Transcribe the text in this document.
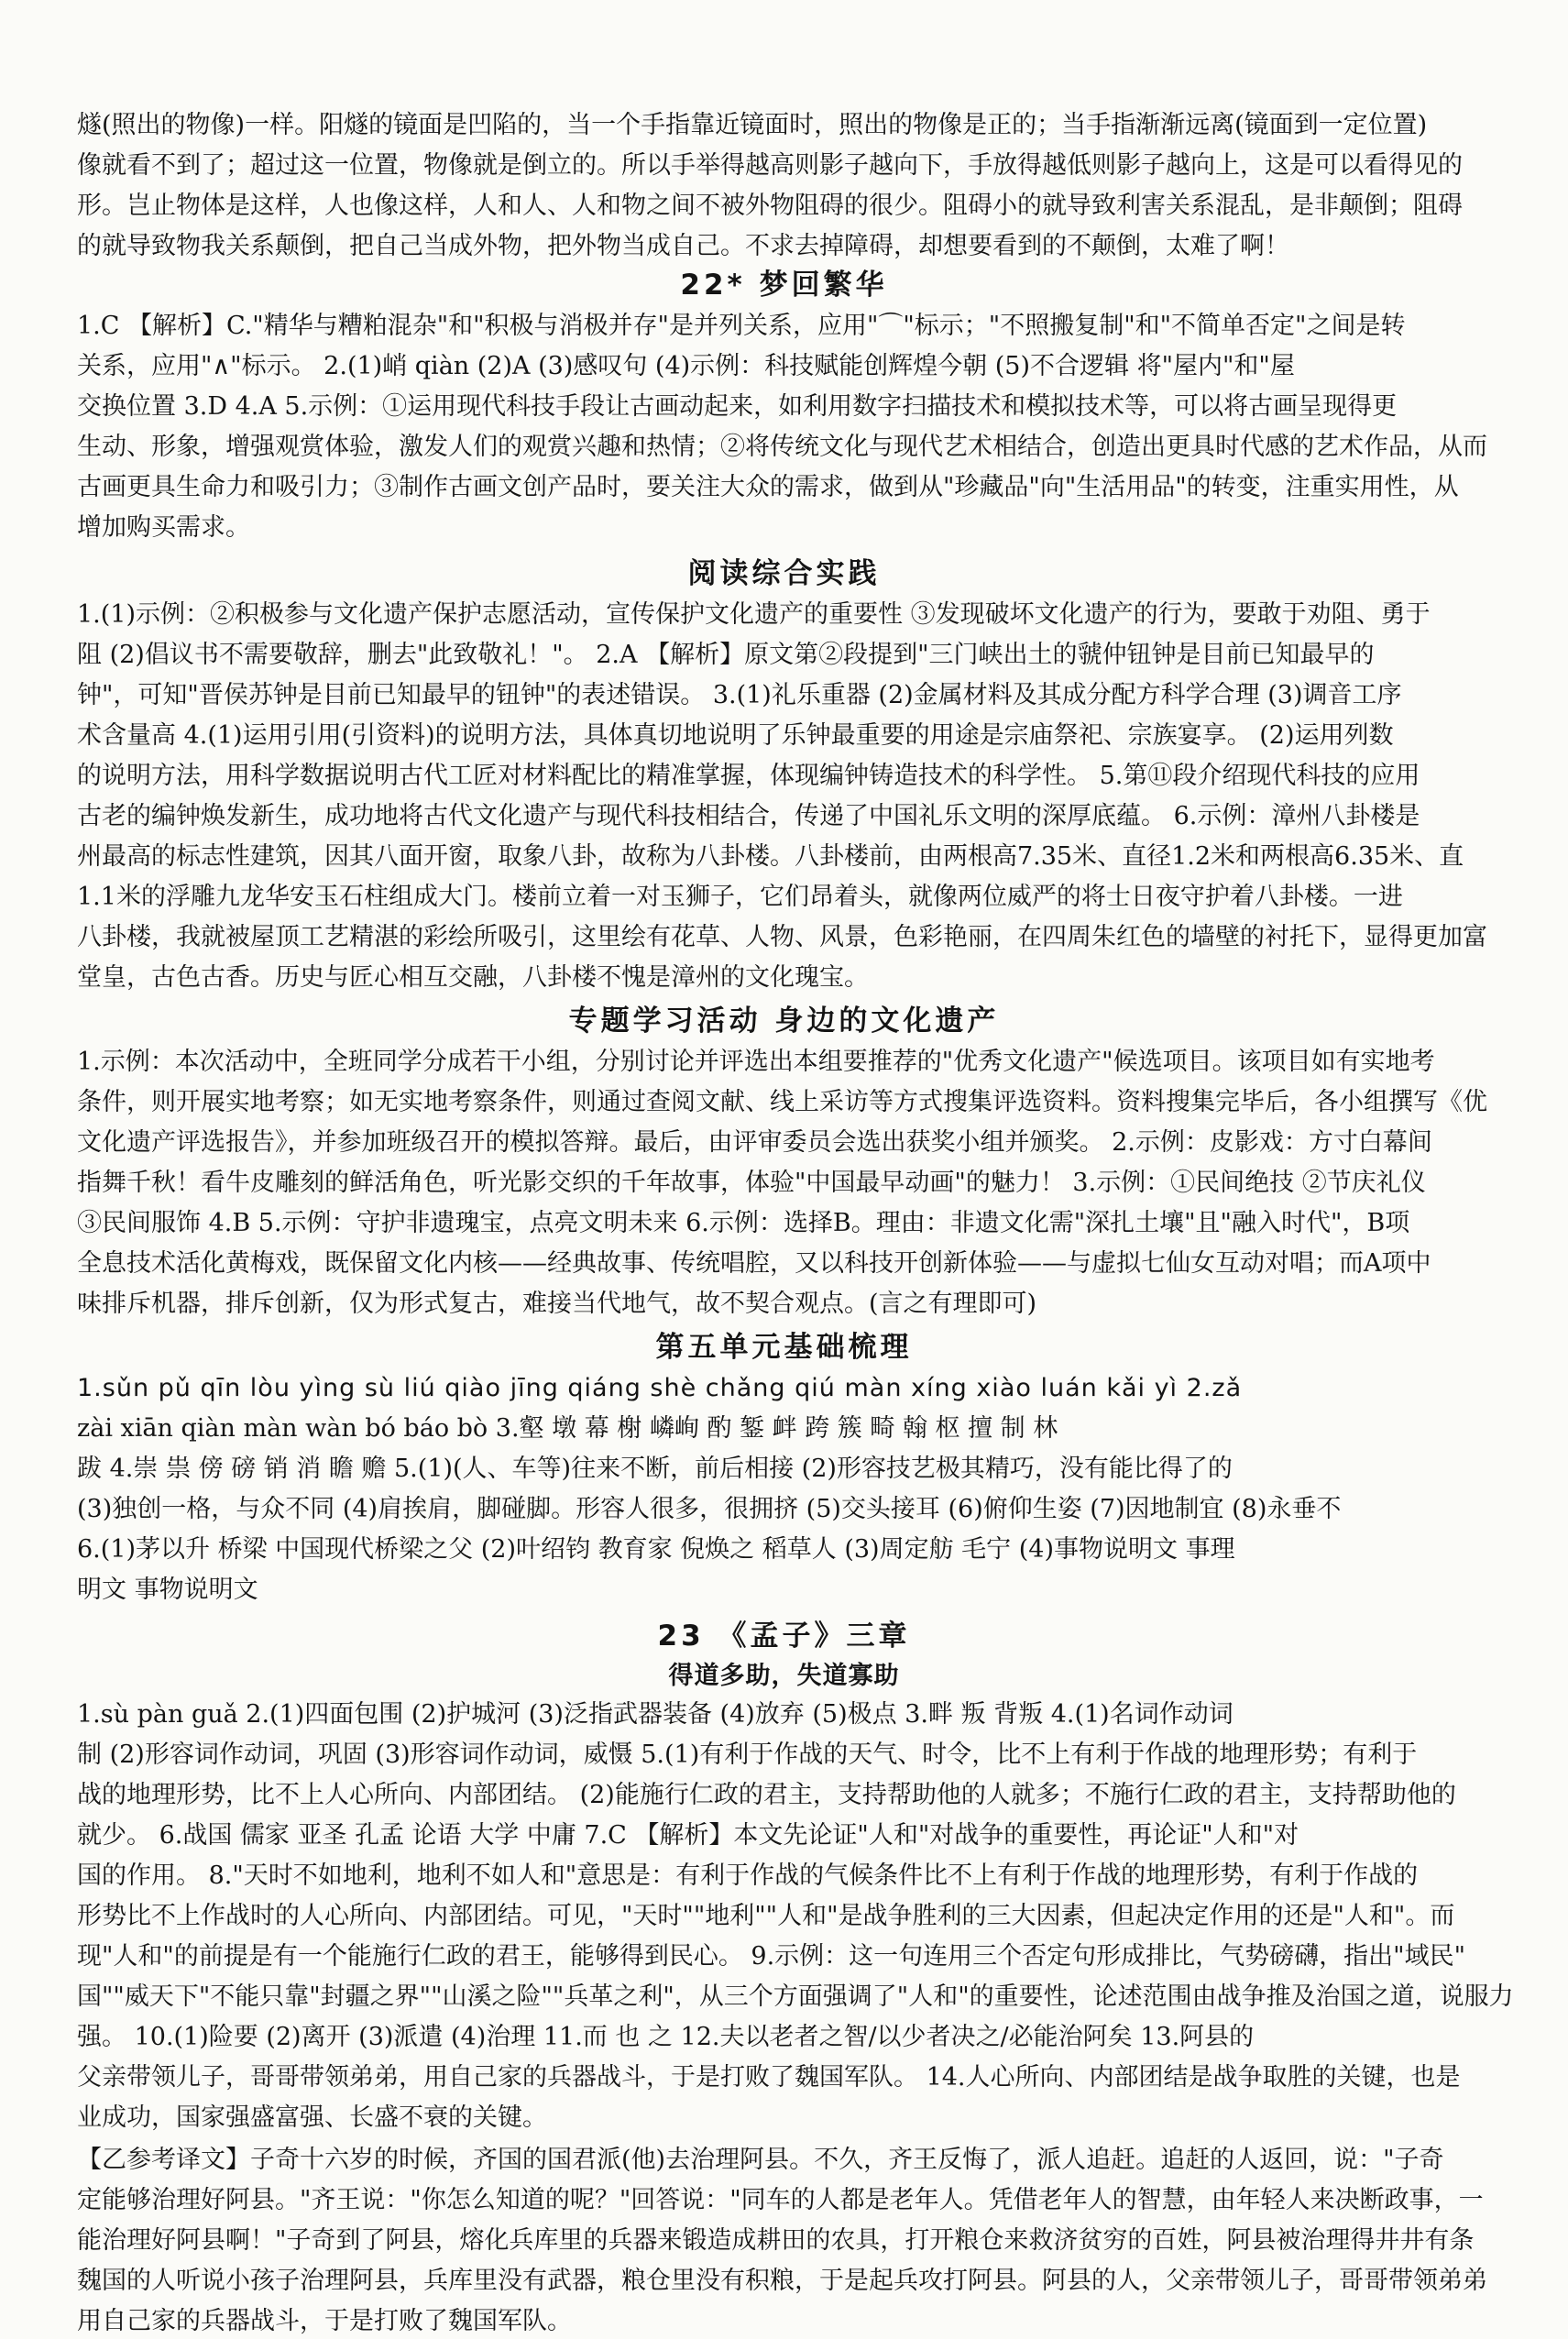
燧(照出的物像)一样。阳燧的镜面是凹陷的，当一个手指靠近镜面时，照出的物像是正的；当手指渐渐远离(镜面到一定位置)
像就看不到了；超过这一位置，物像就是倒立的。所以手举得越高则影子越向下，手放得越低则影子越向上，这是可以看得见的
形。岂止物体是这样，人也像这样，人和人、人和物之间不被外物阻碍的很少。阻碍小的就导致利害关系混乱，是非颠倒；阻碍
的就导致物我关系颠倒，把自己当成外物，把外物当成自己。不求去掉障碍，却想要看到的不颠倒，太难了啊！
22* 梦回繁华
1.C 【解析】C."精华与糟粕混杂"和"积极与消极并存"是并列关系，应用"⌒"标示；"不照搬复制"和"不简单否定"之间是转
关系，应用"∧"标示。 2.(1)峭 qiàn (2)A (3)感叹句 (4)示例：科技赋能创辉煌今朝 (5)不合逻辑 将"屋内"和"屋
交换位置 3.D 4.A 5.示例：①运用现代科技手段让古画动起来，如利用数字扫描技术和模拟技术等，可以将古画呈现得更
生动、形象，增强观赏体验，激发人们的观赏兴趣和热情；②将传统文化与现代艺术相结合，创造出更具时代感的艺术作品，从而
古画更具生命力和吸引力；③制作古画文创产品时，要关注大众的需求，做到从"珍藏品"向"生活用品"的转变，注重实用性，从
增加购买需求。
阅读综合实践
1.(1)示例：②积极参与文化遗产保护志愿活动，宣传保护文化遗产的重要性 ③发现破坏文化遗产的行为，要敢于劝阻、勇于
阻 (2)倡议书不需要敬辞，删去"此致敬礼！"。 2.A 【解析】原文第②段提到"三门峡出土的虢仲钮钟是目前已知最早的
钟"，可知"晋侯苏钟是目前已知最早的钮钟"的表述错误。 3.(1)礼乐重器 (2)金属材料及其成分配方科学合理 (3)调音工序
术含量高 4.(1)运用引用(引资料)的说明方法，具体真切地说明了乐钟最重要的用途是宗庙祭祀、宗族宴享。 (2)运用列数
的说明方法，用科学数据说明古代工匠对材料配比的精准掌握，体现编钟铸造技术的科学性。 5.第⑪段介绍现代科技的应用
古老的编钟焕发新生，成功地将古代文化遗产与现代科技相结合，传递了中国礼乐文明的深厚底蕴。 6.示例：漳州八卦楼是
州最高的标志性建筑，因其八面开窗，取象八卦，故称为八卦楼。八卦楼前，由两根高7.35米、直径1.2米和两根高6.35米、直
1.1米的浮雕九龙华安玉石柱组成大门。楼前立着一对玉狮子，它们昂着头，就像两位威严的将士日夜守护着八卦楼。一进
八卦楼，我就被屋顶工艺精湛的彩绘所吸引，这里绘有花草、人物、风景，色彩艳丽，在四周朱红色的墙壁的衬托下，显得更加富
堂皇，古色古香。历史与匠心相互交融，八卦楼不愧是漳州的文化瑰宝。
专题学习活动 身边的文化遗产
1.示例：本次活动中，全班同学分成若干小组，分别讨论并评选出本组要推荐的"优秀文化遗产"候选项目。该项目如有实地考
条件，则开展实地考察；如无实地考察条件，则通过查阅文献、线上采访等方式搜集评选资料。资料搜集完毕后，各小组撰写《优
文化遗产评选报告》，并参加班级召开的模拟答辩。最后，由评审委员会选出获奖小组并颁奖。 2.示例：皮影戏：方寸白幕间
指舞千秋！看牛皮雕刻的鲜活角色，听光影交织的千年故事，体验"中国最早动画"的魅力！ 3.示例：①民间绝技 ②节庆礼仪
③民间服饰 4.B 5.示例：守护非遗瑰宝，点亮文明未来 6.示例：选择B。理由：非遗文化需"深扎土壤"且"融入时代"，B项
全息技术活化黄梅戏，既保留文化内核——经典故事、传统唱腔，又以科技开创新体验——与虚拟七仙女互动对唱；而A项中
味排斥机器，排斥创新，仅为形式复古，难接当代地气，故不契合观点。(言之有理即可)
第五单元基础梳理
1.sǔn pǔ qīn lòu yìng sù liú qiào jīng qiáng shè chǎng qiú màn xíng xiào luán kǎi yì 2.zǎ
zài xiān qiàn màn wàn bó báo bò 3.壑 墩 幕 榭 嶙峋 酌 錾 衅 跨 簇 畸 翰 枢 擅 制 林
跋 4.崇 祟 傍 磅 销 消 瞻 赡 5.(1)(人、车等)往来不断，前后相接 (2)形容技艺极其精巧，没有能比得了的
(3)独创一格，与众不同 (4)肩挨肩，脚碰脚。形容人很多，很拥挤 (5)交头接耳 (6)俯仰生姿 (7)因地制宜 (8)永垂不
6.(1)茅以升 桥梁 中国现代桥梁之父 (2)叶绍钧 教育家 倪焕之 稻草人 (3)周定舫 毛宁 (4)事物说明文 事理
明文 事物说明文
23 《孟子》三章
得道多助，失道寡助
1.sù pàn guǎ 2.(1)四面包围 (2)护城河 (3)泛指武器装备 (4)放弃 (5)极点 3.畔 叛 背叛 4.(1)名词作动词
制 (2)形容词作动词，巩固 (3)形容词作动词，威慑 5.(1)有利于作战的天气、时令，比不上有利于作战的地理形势；有利于
战的地理形势，比不上人心所向、内部团结。 (2)能施行仁政的君主，支持帮助他的人就多；不施行仁政的君主，支持帮助他的
就少。 6.战国 儒家 亚圣 孔孟 论语 大学 中庸 7.C 【解析】本文先论证"人和"对战争的重要性，再论证"人和"对
国的作用。 8."天时不如地利，地利不如人和"意思是：有利于作战的气候条件比不上有利于作战的地理形势，有利于作战的
形势比不上作战时的人心所向、内部团结。可见，"天时""地利""人和"是战争胜利的三大因素，但起决定作用的还是"人和"。而
现"人和"的前提是有一个能施行仁政的君王，能够得到民心。 9.示例：这一句连用三个否定句形成排比，气势磅礴，指出"域民"
国""威天下"不能只靠"封疆之界""山溪之险""兵革之利"，从三个方面强调了"人和"的重要性，论述范围由战争推及治国之道，说服力
强。 10.(1)险要 (2)离开 (3)派遣 (4)治理 11.而 也 之 12.夫以老者之智/以少者决之/必能治阿矣 13.阿县的
父亲带领儿子，哥哥带领弟弟，用自己家的兵器战斗，于是打败了魏国军队。 14.人心所向、内部团结是战争取胜的关键，也是
业成功，国家强盛富强、长盛不衰的关键。
【乙参考译文】子奇十六岁的时候，齐国的国君派(他)去治理阿县。不久，齐王反悔了，派人追赶。追赶的人返回，说："子奇
定能够治理好阿县。"齐王说："你怎么知道的呢？"回答说："同车的人都是老年人。凭借老年人的智慧，由年轻人来决断政事，一
能治理好阿县啊！"子奇到了阿县，熔化兵库里的兵器来锻造成耕田的农具，打开粮仓来救济贫穷的百姓，阿县被治理得井井有条
魏国的人听说小孩子治理阿县，兵库里没有武器，粮仓里没有积粮，于是起兵攻打阿县。阿县的人，父亲带领儿子，哥哥带领弟弟
用自己家的兵器战斗，于是打败了魏国军队。
